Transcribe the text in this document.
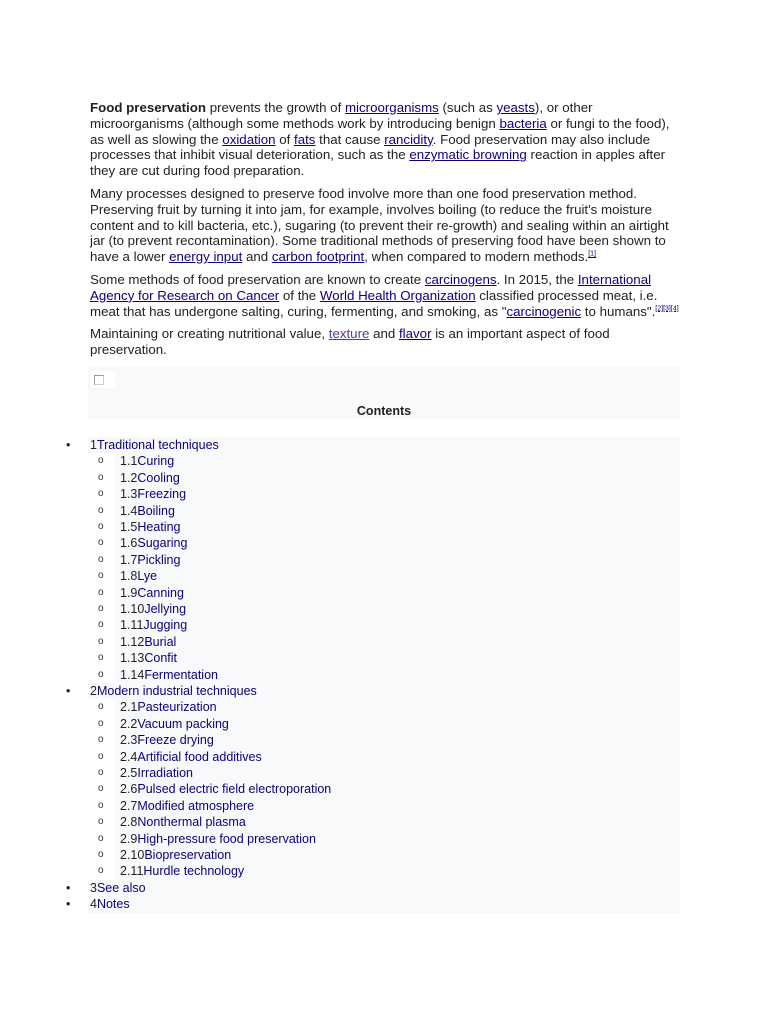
Food preservation prevents the growth of microorganisms (such as yeasts), or other microorganisms (although some methods work by introducing benign bacteria or fungi to the food), as well as slowing the oxidation of fats that cause rancidity. Food preservation may also include processes that inhibit visual deterioration, such as the enzymatic browning reaction in apples after they are cut during food preparation.

Many processes designed to preserve food involve more than one food preservation method. Preserving fruit by turning it into jam, for example, involves boiling (to reduce the fruit's moisture content and to kill bacteria, etc.), sugaring (to prevent their re-growth) and sealing within an airtight jar (to prevent recontamination). Some traditional methods of preserving food have been shown to have a lower energy input and carbon footprint, when compared to modern methods.[1]

Some methods of food preservation are known to create carcinogens. In 2015, the International Agency for Research on Cancer of the World Health Organization classified processed meat, i.e. meat that has undergone salting, curing, fermenting, and smoking, as "carcinogenic to humans".[2][3][4]

Maintaining or creating nutritional value, texture and flavor is an important aspect of food preservation.

Contents
•	1Traditional techniques
o 1.1Curing
o 1.2Cooling
o 1.3Freezing
o 1.4Boiling
o 1.5Heating
o 1.6Sugaring
o 1.7Pickling
o 1.8Lye
o 1.9Canning
o 1.10Jellying
o 1.11Jugging
o 1.12Burial
o 1.13Confit
o 1.14Fermentation
•	2Modern industrial techniques
o 2.1Pasteurization
o 2.2Vacuum packing
o 2.3Freeze drying
o 2.4Artificial food additives
o 2.5Irradiation
o 2.6Pulsed electric field electroporation
o 2.7Modified atmosphere
o 2.8Nonthermal plasma
o 2.9High-pressure food preservation
o 2.10Biopreservation
o 2.11Hurdle technology
•	3See also
•	4Notes
